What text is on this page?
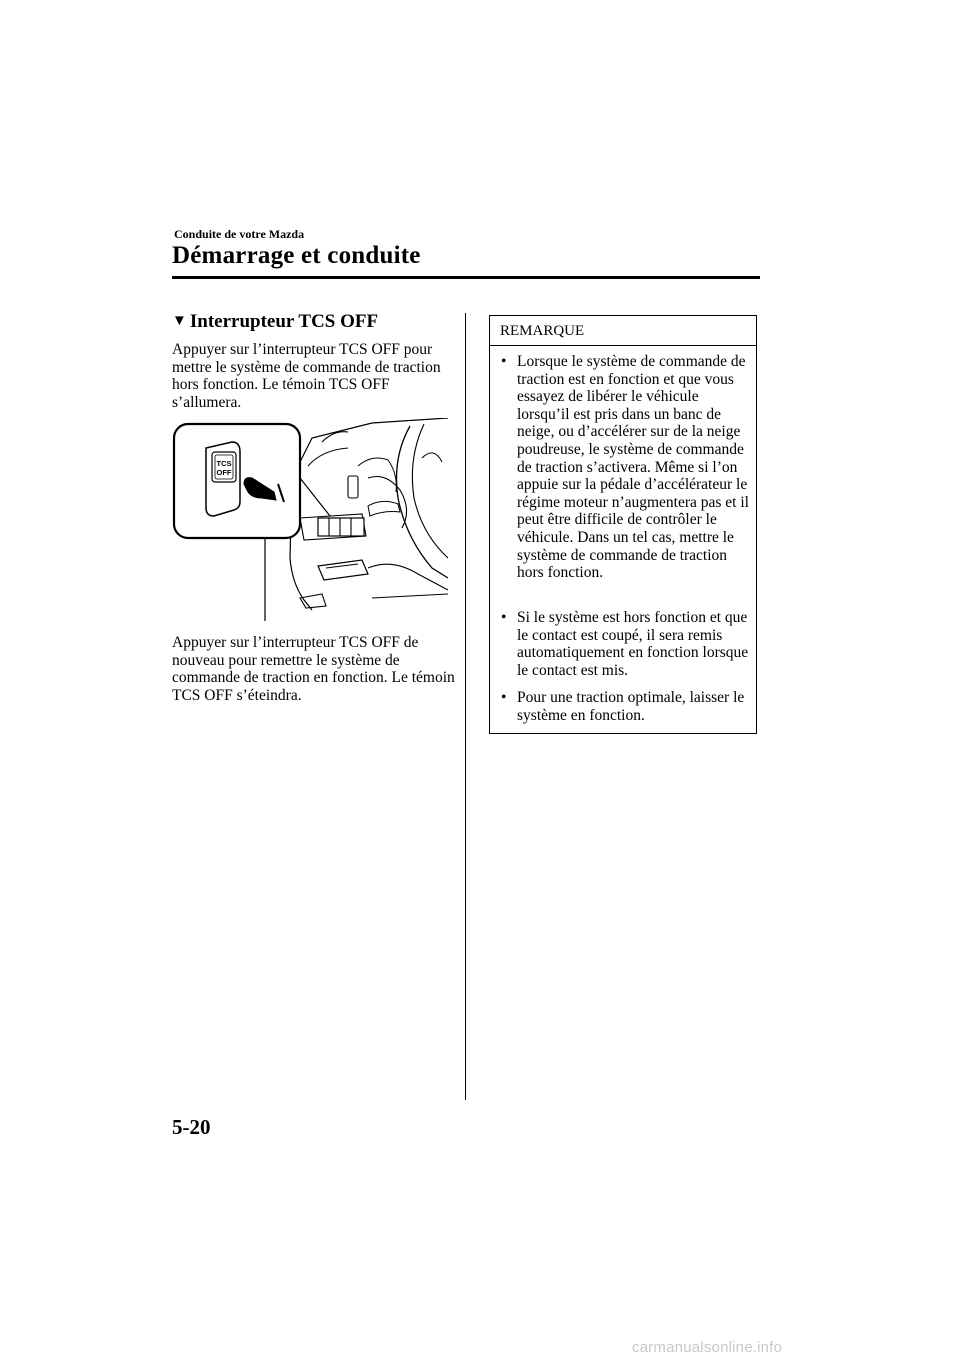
Conduite de votre Mazda
Démarrage et conduite
▼ Interrupteur TCS OFF
Appuyer sur l’interrupteur TCS OFF pour mettre le système de commande de traction hors fonction. Le témoin TCS OFF s’allumera.
TCS
OFF
Appuyer sur l’interrupteur TCS OFF de nouveau pour remettre le système de commande de traction en fonction. Le témoin TCS OFF s’éteindra.
REMARQUE
• Lorsque le système de commande de traction est en fonction et que vous essayez de libérer le véhicule lorsqu’il est pris dans un banc de neige, ou d’accélérer sur de la neige poudreuse, le système de commande de traction s’activera. Même si l’on appuie sur la pédale d’accélérateur le régime moteur n’augmentera pas et il peut être difficile de contrôler le véhicule. Dans un tel cas, mettre le système de commande de traction hors fonction.
• Si le système est hors fonction et que le contact est coupé, il sera remis automatiquement en fonction lorsque le contact est mis.
• Pour une traction optimale, laisser le système en fonction.
5-20
carmanualsonline.info
